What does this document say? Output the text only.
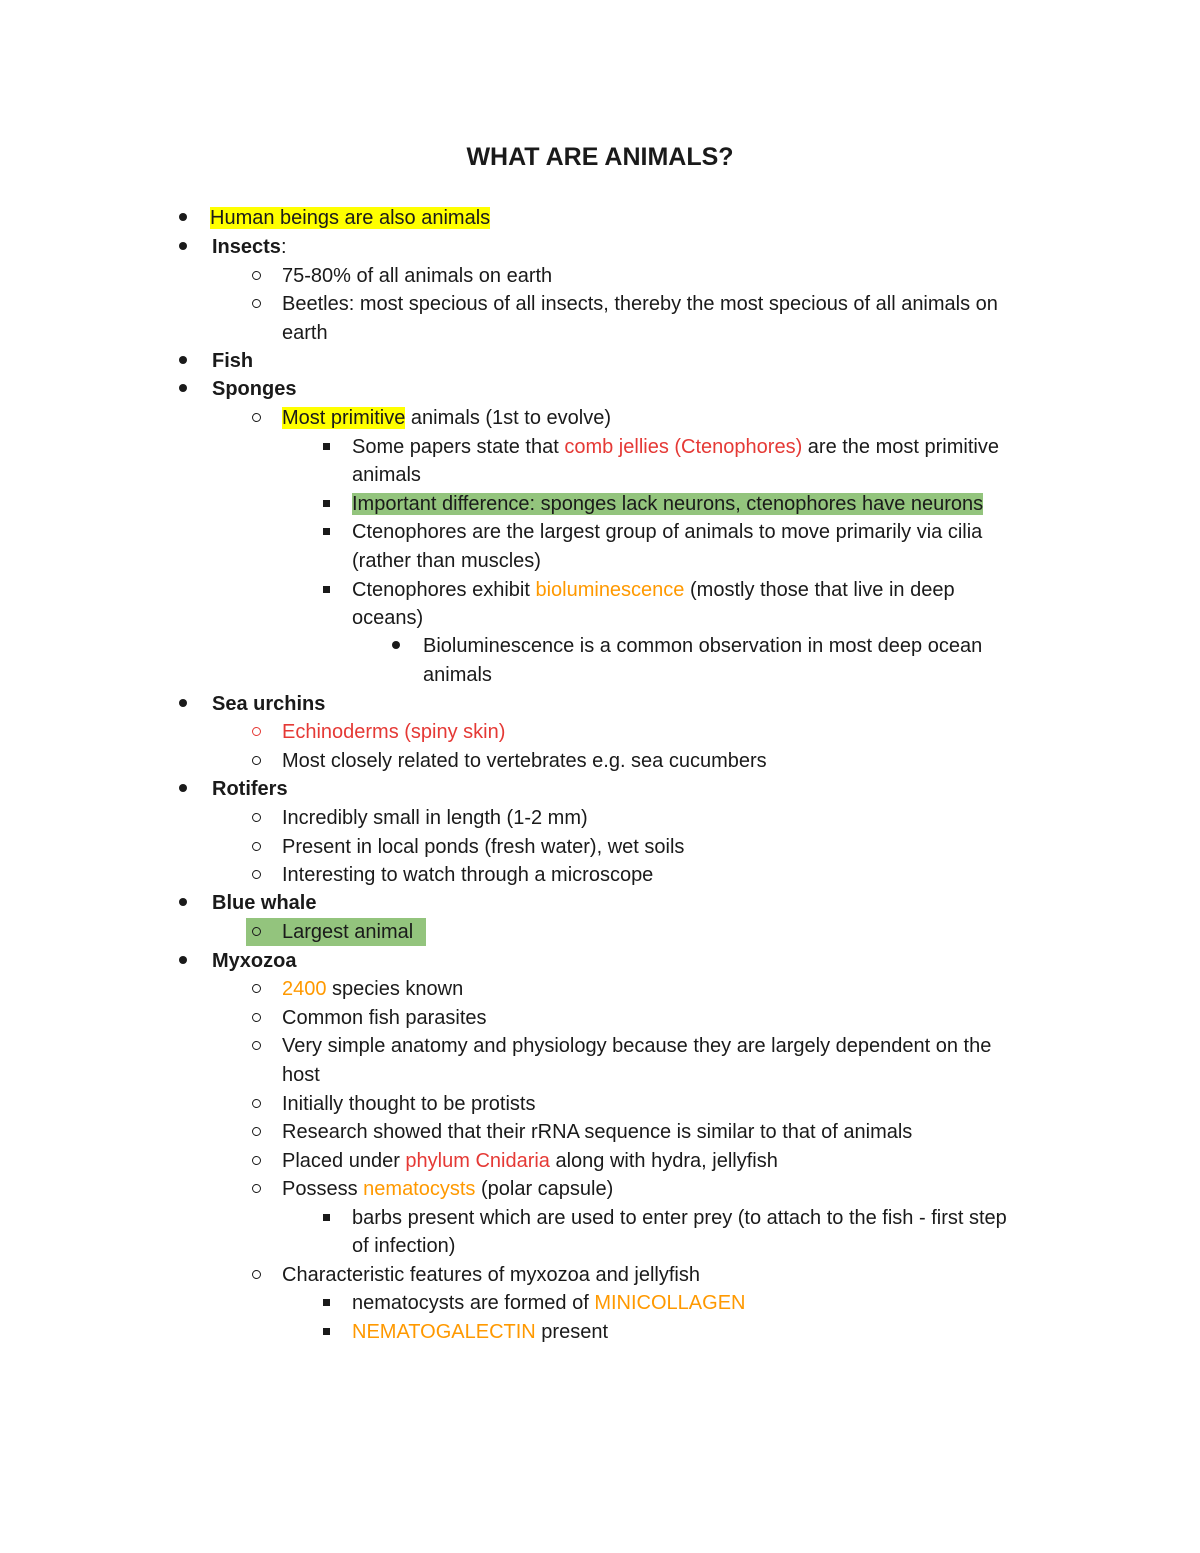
WHAT ARE ANIMALS?
Human beings are also animals
Insects:
75-80% of all animals on earth
Beetles: most specious of all insects, thereby the most specious of all animals on
earth
Fish
Sponges
Most primitive animals (1st to evolve)
Some papers state that comb jellies (Ctenophores) are the most primitive
animals
Important difference: sponges lack neurons, ctenophores have neurons
Ctenophores are the largest group of animals to move primarily via cilia
(rather than muscles)
Ctenophores exhibit bioluminescence (mostly those that live in deep
oceans)
Bioluminescence is a common observation in most deep ocean
animals
Sea urchins
Echinoderms (spiny skin)
Most closely related to vertebrates e.g. sea cucumbers
Rotifers
Incredibly small in length (1-2 mm)
Present in local ponds (fresh water), wet soils
Interesting to watch through a microscope
Blue whale
Largest animal
Myxozoa
2400 species known
Common fish parasites
Very simple anatomy and physiology because they are largely dependent on the
host
Initially thought to be protists
Research showed that their rRNA sequence is similar to that of animals
Placed under phylum Cnidaria along with hydra, jellyfish
Possess nematocysts (polar capsule)
barbs present which are used to enter prey (to attach to the fish - first step
of infection)
Characteristic features of myxozoa and jellyfish
nematocysts are formed of MINICOLLAGEN
NEMATOGALECTIN present
